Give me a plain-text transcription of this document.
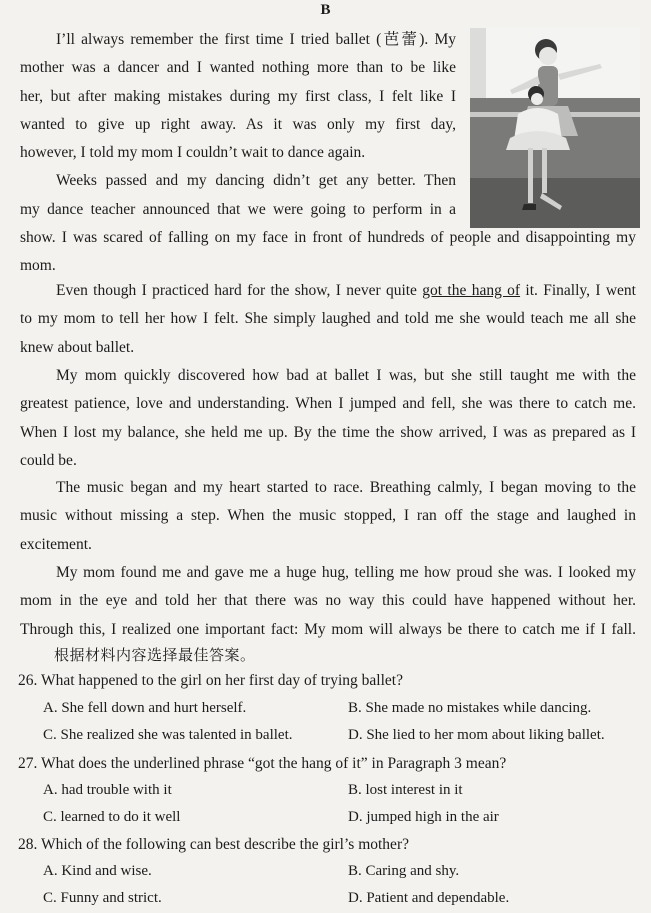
B
I’ll always remember the first time I tried ballet (芭蕾). My
mother was a dancer and I wanted nothing more than to be like
her, but after making mistakes during my first class, I felt like I
wanted to give up right away. As it was only my first day,
however, I told my mom I couldn’t wait to dance again.
Weeks passed and my dancing didn’t get any better. Then
my dance teacher announced that we were going to perform in a
show. I was scared of falling on my face in front of hundreds of people and disappointing my
mom.
Even though I practiced hard for the show, I never quite got the hang of it. Finally, I went
to my mom to tell her how I felt. She simply laughed and told me she would teach me all she
knew about ballet.
My mom quickly discovered how bad at ballet I was, but she still taught me with the
greatest patience, love and understanding. When I jumped and fell, she was there to catch me.
When I lost my balance, she held me up. By the time the show arrived, I was as prepared as I
could be.
The music began and my heart started to race. Breathing calmly, I began moving to the
music without missing a step. When the music stopped, I ran off the stage and laughed in
excitement.
My mom found me and gave me a huge hug, telling me how proud she was. I looked my
mom in the eye and told her that there was no way this could have happened without her.
Through this, I realized one important fact: My mom will always be there to catch me if I fall.
根据材料内容选择最佳答案。
26. What happened to the girl on her first day of trying ballet?
A. She fell down and hurt herself.	B. She made no mistakes while dancing.
C. She realized she was talented in ballet.	D. She lied to her mom about liking ballet.
27. What does the underlined phrase “got the hang of it” in Paragraph 3 mean?
A. had trouble with it	B. lost interest in it
C. learned to do it well	D. jumped high in the air
28. Which of the following can best describe the girl’s mother?
A. Kind and wise.	B. Caring and shy.
C. Funny and strict.	D. Patient and dependable.
